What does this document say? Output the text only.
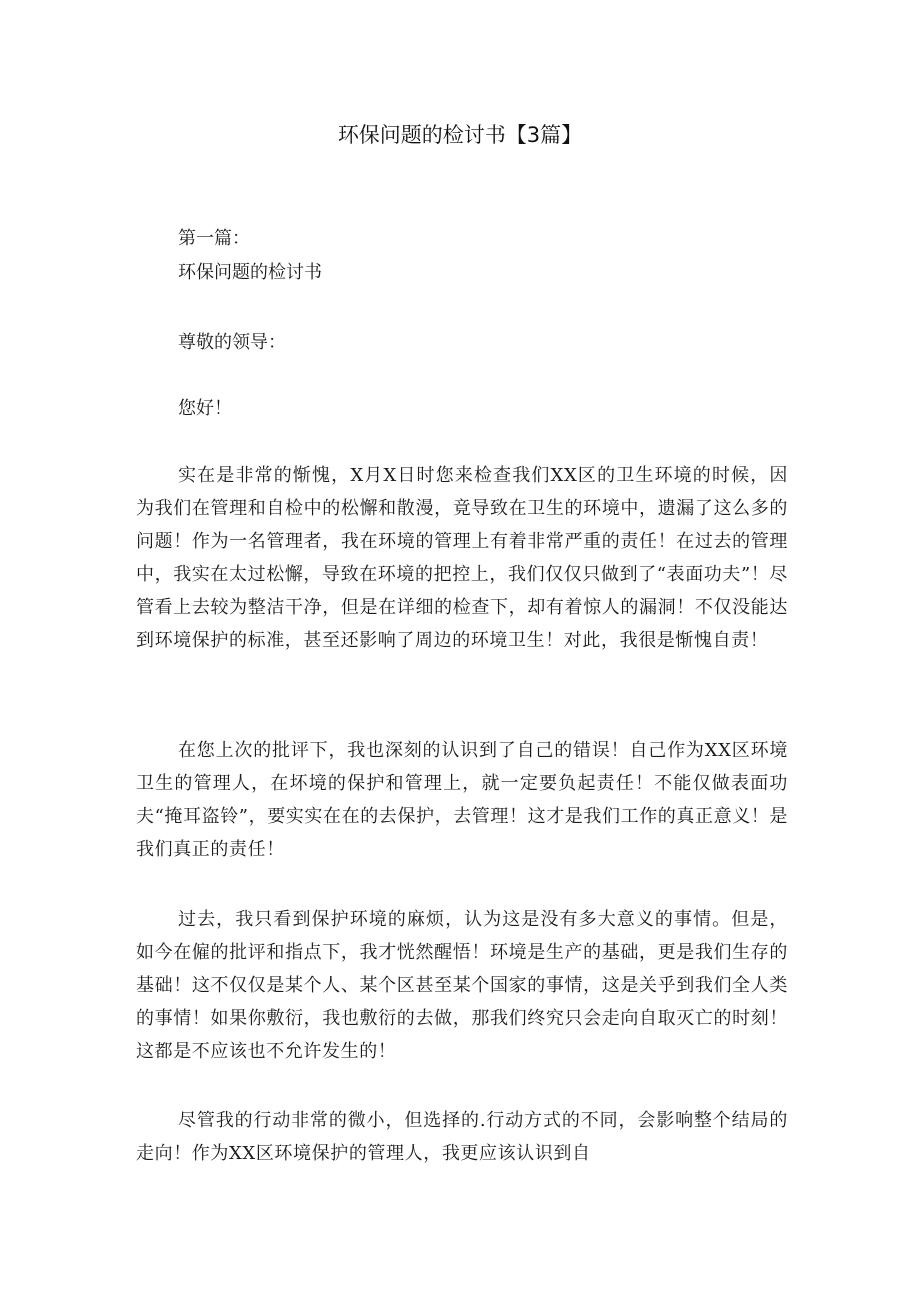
环保问题的检讨书【3篇】

第一篇：

环保问题的检讨书

尊敬的领导：

您好！

实在是非常的惭愧，X月X日时您来检查我们XX区的卫生环境的时候，因为我们在管理和自检中的松懈和散漫，竟导致在卫生的环境中，遗漏了这么多的问题！作为一名管理者，我在环境的管理上有着非常严重的责任！在过去的管理中，我实在太过松懈，导致在环境的把控上，我们仅仅只做到了“表面功夫”！尽管看上去较为整洁干净，但是在详细的检查下，却有着惊人的漏洞！不仅没能达到环境保护的标准，甚至还影响了周边的环境卫生！对此，我很是惭愧自责！

在您上次的批评下，我也深刻的认识到了自己的错误！自己作为XX区环境卫生的管理人，在坏境的保护和管理上，就一定要负起责任！不能仅做表面功夫“掩耳盗铃”，要实实在在的去保护，去管理！这才是我们工作的真正意义！是我们真正的责任！

过去，我只看到保护环境的麻烦，认为这是没有多大意义的事情。但是，如今在僱的批评和指点下，我才恍然醒悟！环境是生产的基础，更是我们生存的基础！这不仅仅是某个人、某个区甚至某个国家的事情，这是关乎到我们全人类的事情！如果你敷衍，我也敷衍的去做，那我们终究只会走向自取灭亡的时刻！这都是不应该也不允许发生的！

尽管我的行动非常的微小，但选择的.行动方式的不同，会影响整个结局的走向！作为XX区环境保护的管理人，我更应该认识到自
